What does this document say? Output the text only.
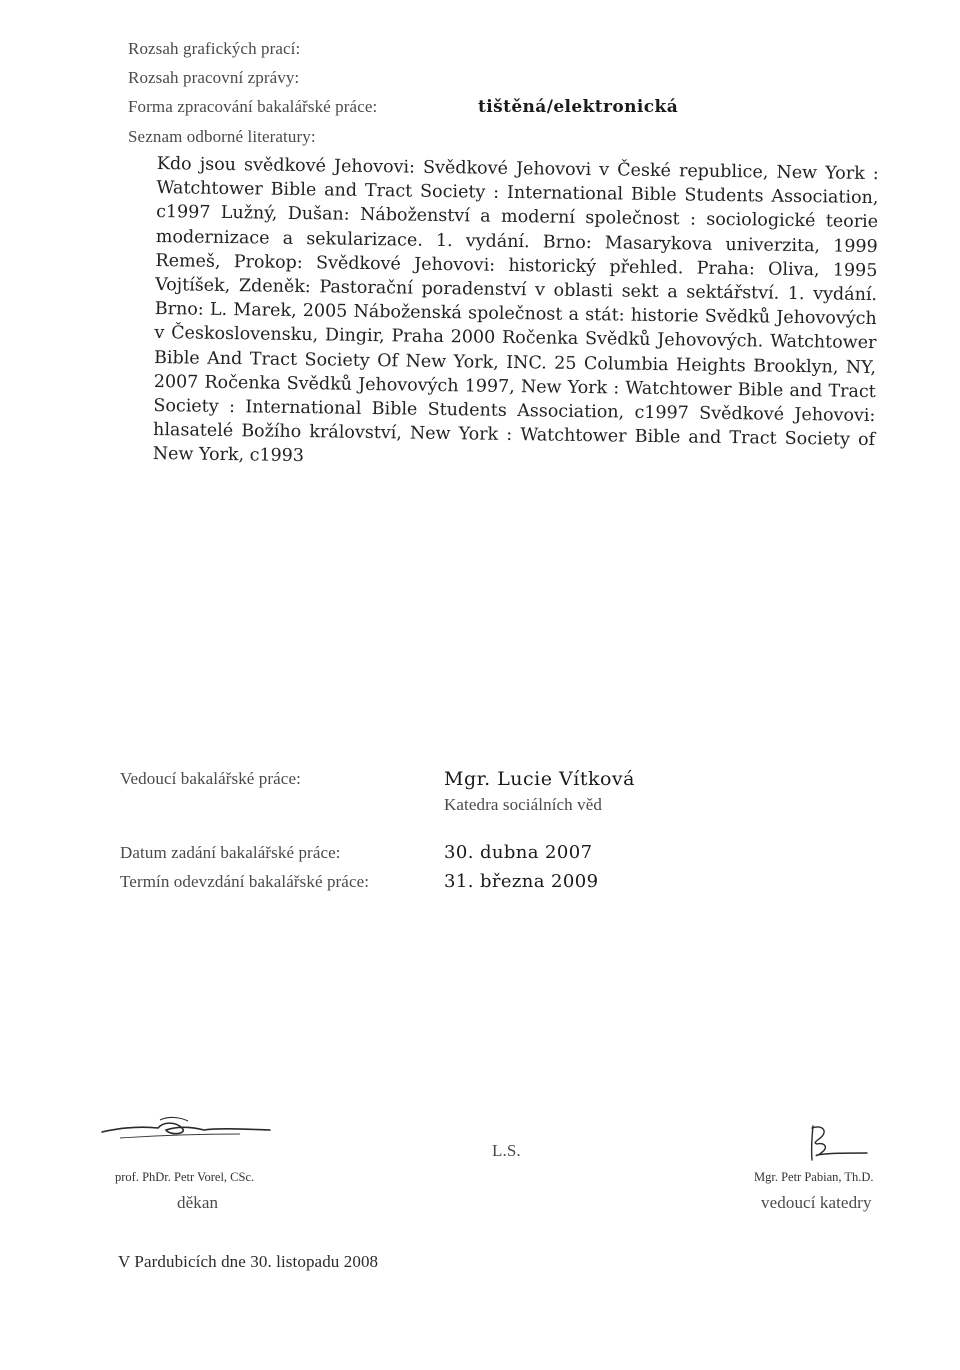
Rozsah grafických prací:
Rozsah pracovní zprávy:
Forma zpracování bakalářské práce:	tištěná/elektronická
Seznam odborné literatury:
Kdo jsou svědkové Jehovovi: Svědkové Jehovovi v České republice, New York : Watchtower Bible and Tract Society : International Bible Students Association, c1997 Lužný, Dušan: Náboženství a moderní společnost : sociologické teorie modernizace a sekularizace. 1. vydání. Brno: Masarykova univerzita, 1999 Remeš, Prokop: Svědkové Jehovovi: historický přehled. Praha: Oliva, 1995 Vojtíšek, Zdeněk: Pastorační poradenství v oblasti sekt a sektářství. 1. vydání. Brno: L. Marek, 2005 Náboženská společnost a stát: historie Svědků Jehovových v Československu, Dingir, Praha 2000 Ročenka Svědků Jehovových. Watchtower Bible And Tract Society Of New York, INC. 25 Columbia Heights Brooklyn, NY, 2007 Ročenka Svědků Jehovových 1997, New York : Watchtower Bible and Tract Society : International Bible Students Association, c1997 Svědkové Jehovovi: hlasatelé Božího království, New York : Watchtower Bible and Tract Society of New York, c1993
Vedoucí bakalářské práce:	Mgr. Lucie Vítková
Katedra sociálních věd
Datum zadání bakalářské práce:	30. dubna 2007
Termín odevzdání bakalářské práce:	31. března 2009
prof. PhDr. Petr Vorel, CSc.
děkan
L.S.
Mgr. Petr Pabian, Th.D.
vedoucí katedry
V Pardubicích dne 30. listopadu 2008
